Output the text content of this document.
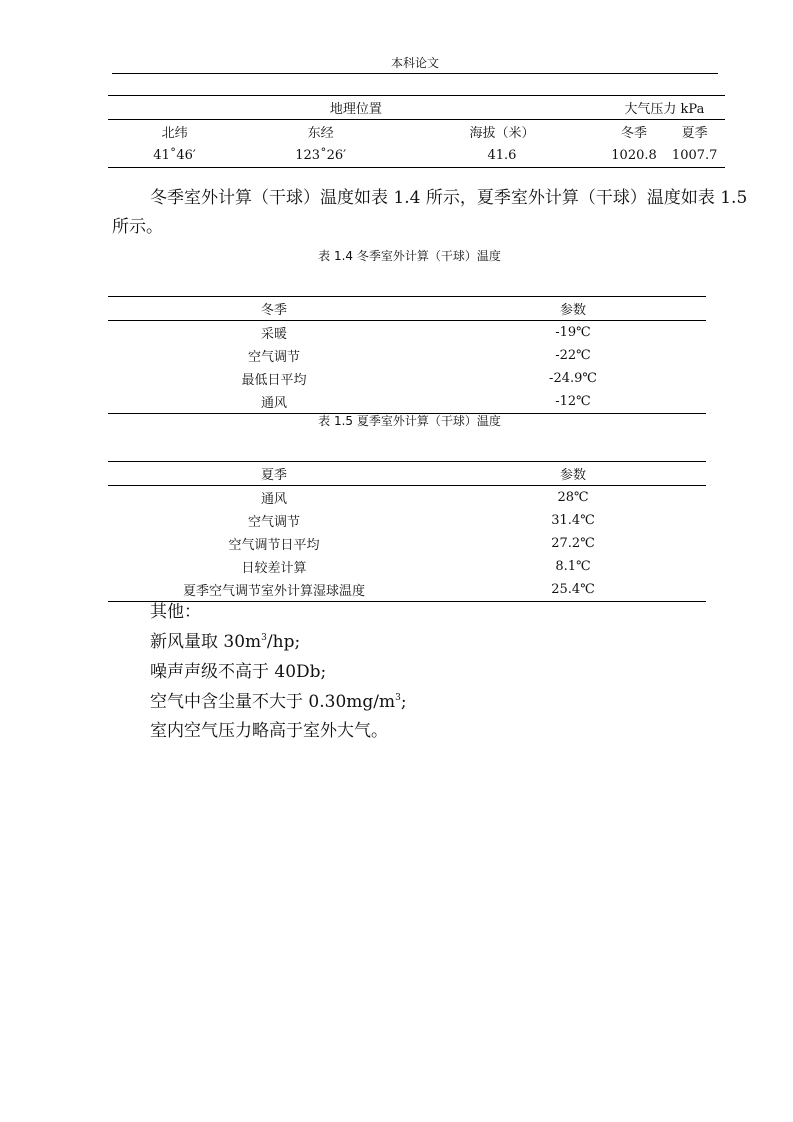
本科论文
地理位置			大气压力 kPa	
北纬	东经	海拔（米）	冬季	夏季
41˚46′	123˚26′	41.6	1020.8	1007.7

冬季室外计算（干球）温度如表 1.4 所示，夏季室外计算（干球）温度如表 1.5 所示。

表 1.4 冬季室外计算（干球）温度
冬季	参数
采暖	-19℃
空气调节	-22℃
最低日平均	-24.9℃
通风	-12℃
表 1.5 夏季室外计算（干球）温度
夏季	参数
通风	28℃
空气调节	31.4℃
空气调节日平均	27.2℃
日较差计算	8.1℃
夏季空气调节室外计算湿球温度	25.4℃

其他：

新风量取 $30m^3/hp$;

噪声声级不高于 40Db;

空气中含尘量不大于 $0.30mg/m^3$;

室内空气压力略高于室外大气。
